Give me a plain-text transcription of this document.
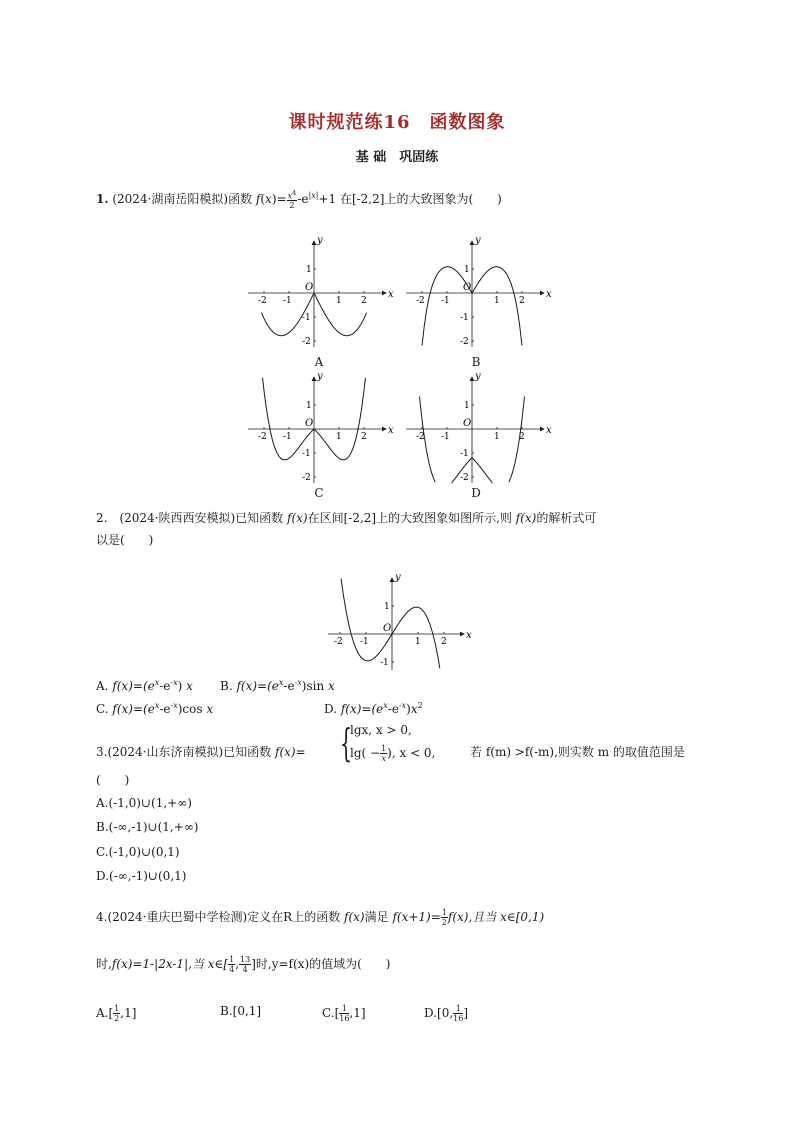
课时规范练16　函数图象
基 础　巩固练
1. (2024·湖南岳阳模拟)函数 $f(x)= \frac{x^4}{2} -e^{|x|}+1$ 在[-2,2]上的大致图象为(　　)
x
y
O
-2 -1	1 2
1
-1
-2
x
y
O
-2 -1	1 2
1
-1
-2
x
y
O
-2 -1	1 2
1
-1
-2
x
y
O
-2 -1	1 2
1
-1
-2
A	B
C	D
2.　(2024·陕西西安模拟)已知函数 f(x)在区间[-2,2]上的大致图象如图所示,则 f(x)的解析式可
以是(　　)
x
y
O
-2 -1	1 2
1
-1
A. $f(x)=(e^x-e^{-x})$ x B. $f(x)=(e^x-e^{-x})\sin$ x
C. $f(x)=(e^x-e^{-x})\cos$ x	D. $f(x)=(e^x-e^{-x})x^2$
3.(2024·山东济南模拟)已知函数 f(x)= {
lgx, x > 0,
$\lg( - \frac{1}{x}$ ), x < 0,	若 f(m) >f(-m),则实数 m 的取值范围是
(　　)
A.(-1,0)∪(1,+∞)
B.(-∞,-1)∪(1,+∞)
C.(-1,0)∪(0,1)
D.(-∞,-1)∪(0,1)
4.(2024·重庆巴蜀中学检测)定义在R上的函数 f(x)满足 $f(x+1)= \frac{1}{2} f(x)$,且当 x∈[0,1)
时,f(x)=1-|2x-1|,当 x∈[ $\frac{1}{4}$ , $\frac{13}{4}$ ]时,y=f(x)的值域为(　　)
$A.[ \frac{1}{2} ,1]$	B.[0,1]	$C.[ \frac{1}{16} ,1]$	D.[0, $\frac{1}{16}$ ]
